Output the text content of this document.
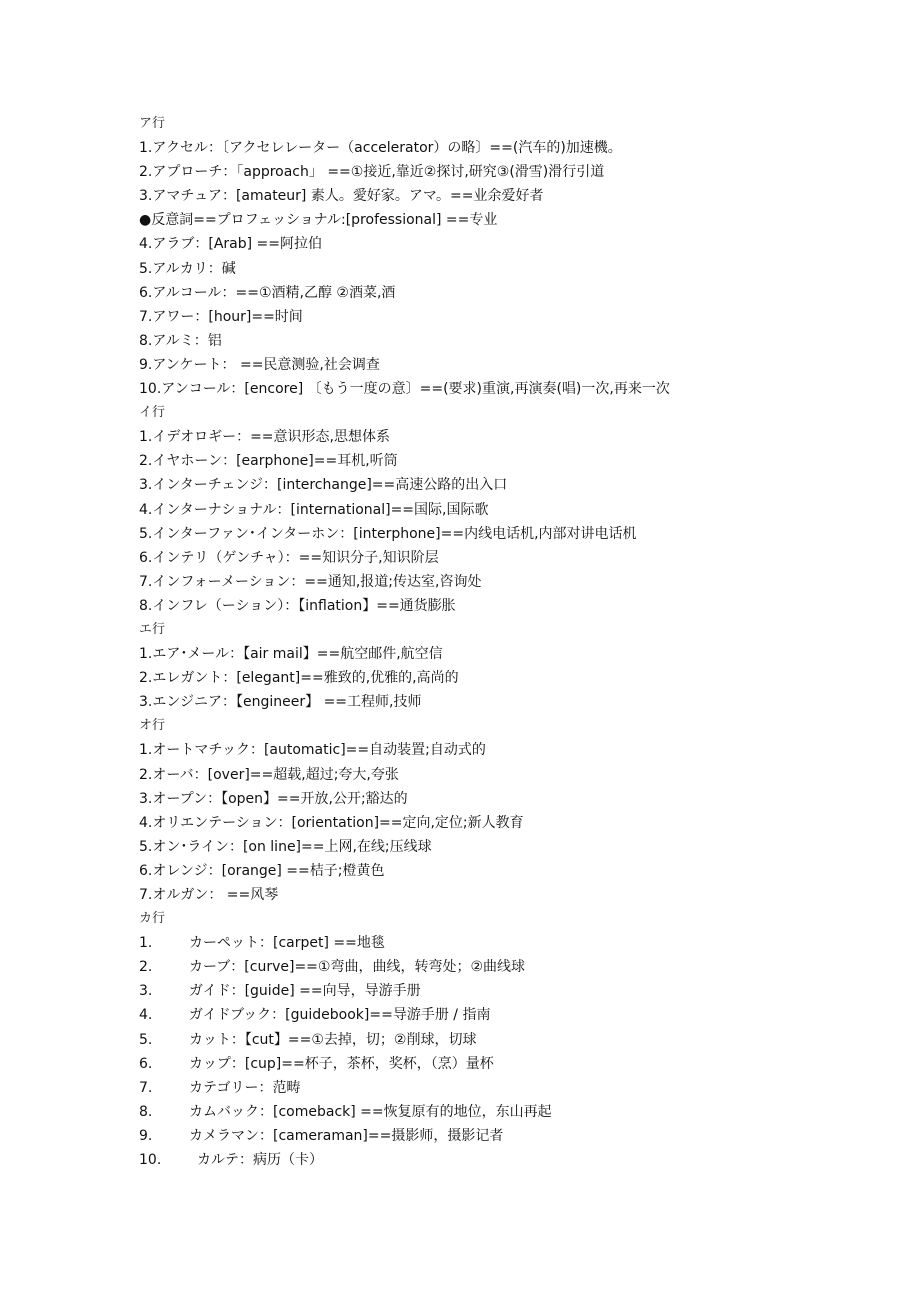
ア行
1.アクセル：〔アクセレレーター（accelerator）の略〕==(汽车的)加速機。
2.アプローチ：「approach」 ==①接近,靠近②探讨,研究③(滑雪)滑行引道
3.アマチュア：[amateur] 素人。愛好家。アマ。==业余爱好者
●反意詞==プロフェッショナル:[professional] ==专业
4.アラブ：[Arab] ==阿拉伯
5.アルカリ：碱
6.アルコール：==①酒精,乙醇 ②酒菜,酒
7.アワー：[hour]==时间
8.アルミ：铝
9.アンケート： ==民意测验,社会调查
10.アンコール：[encore] 〔もう一度の意〕==(要求)重演,再演奏(唱)一次,再来一次
イ行
1.イデオロギー：==意识形态,思想体系
2.イヤホーン：[earphone]==耳机,听筒
3.インターチェンジ：[interchange]==高速公路的出入口
4.インターナショナル：[international]==国际,国际歌
5.インターファン･インターホン：[interphone]==内线电话机,内部对讲电话机
6.インテリ（ゲンチャ）：==知识分子,知识阶层
7.インフォーメーション：==通知,报道;传达室,咨询处
8.インフレ（ーション）：【inflation】==通货膨胀
エ行
1.エア･メール：【air mail】==航空邮件,航空信
2.エレガント：[elegant]==雅致的,优雅的,高尚的
3.エンジニア：【engineer】 ==工程师,技师
オ行
1.オートマチック：[automatic]==自动装置;自动式的
2.オーバ：[over]==超载,超过;夸大,夸张
3.オープン：【open】==开放,公开;豁达的
4.オリエンテーション：[orientation]==定向,定位;新人教育
5.オン･ライン：[on line]==上网,在线;压线球
6.オレンジ：[orange] ==桔子;橙黄色
7.オルガン： ==风琴
カ行
1.	カーペット：[carpet] ==地毯
2.	カーブ：[curve]==①弯曲，曲线，转弯处；②曲线球
3.	ガイド：[guide] ==向导，导游手册
4.	ガイドブック：[guidebook]==导游手册 / 指南
5.	カット：【cut】==①去掉，切；②削球，切球
6.	カップ：[cup]==杯子，茶杯，奖杯，（烹）量杯
7.	カテゴリー：范畴
8.	カムバック：[comeback] ==恢复原有的地位，东山再起
9.	カメラマン：[cameraman]==摄影师，摄影记者
10.	カルテ：病历（卡）
